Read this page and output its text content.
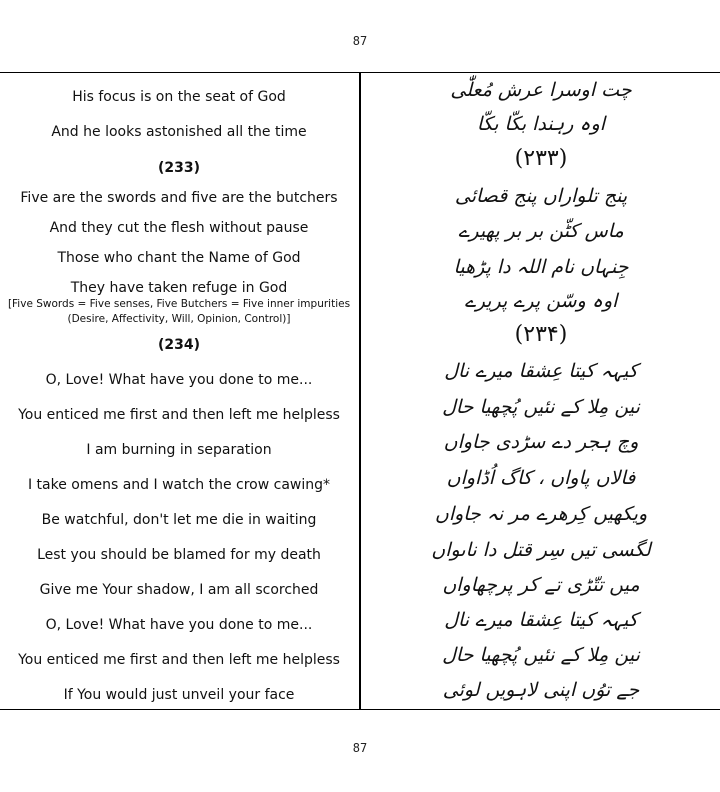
87
His focus is on the seat of God
And he looks astonished all the time
(233)
Five are the swords and five are the butchers
And they cut the flesh without pause
Those who chant the Name of God
They have taken refuge in God
[Five Swords = Five senses, Five Butchers = Five inner impurities
(Desire, Affectivity, Will, Opinion, Control)]
(234)
O, Love! What have you done to me...
You enticed me first and then left me helpless
I am burning in separation
I take omens and I watch the crow cawing*
Be watchful, don't let me die in waiting
Lest you should be blamed for my death
Give me Your shadow, I am all scorched
O, Love! What have you done to me...
You enticed me first and then left me helpless
If You would just unveil your face
چت اوسرا عرش مُعلّٰی
اوہ رہندا بکّا بکّا
(۲۳۳)
پنج تلواراں پنج قصائی
ماس کٹّن بر بر پھیرے
جِنہاں نام اللہ دا پڑھیا
اوہ وسّن پرے پریرے
(۲۳۴)
کیہہ کیتا عِشقا میرے نال
نین مِلا کے نئیں پُچھیا حال
وچ ہجر دے سڑدی جاواں
فالاں پاواں ، کاگ اُڈاواں
ویکھیں کِرھرے مر نہ جاواں
لگسی تیں سِر قتل دا ناںواں
میں تتّڑی تے کر پرچھاواں
کیہہ کیتا عِشقا میرے نال
نین مِلا کے نئیں پُچھیا حال
جے توُں اپنی لاہویں لوئی
87
